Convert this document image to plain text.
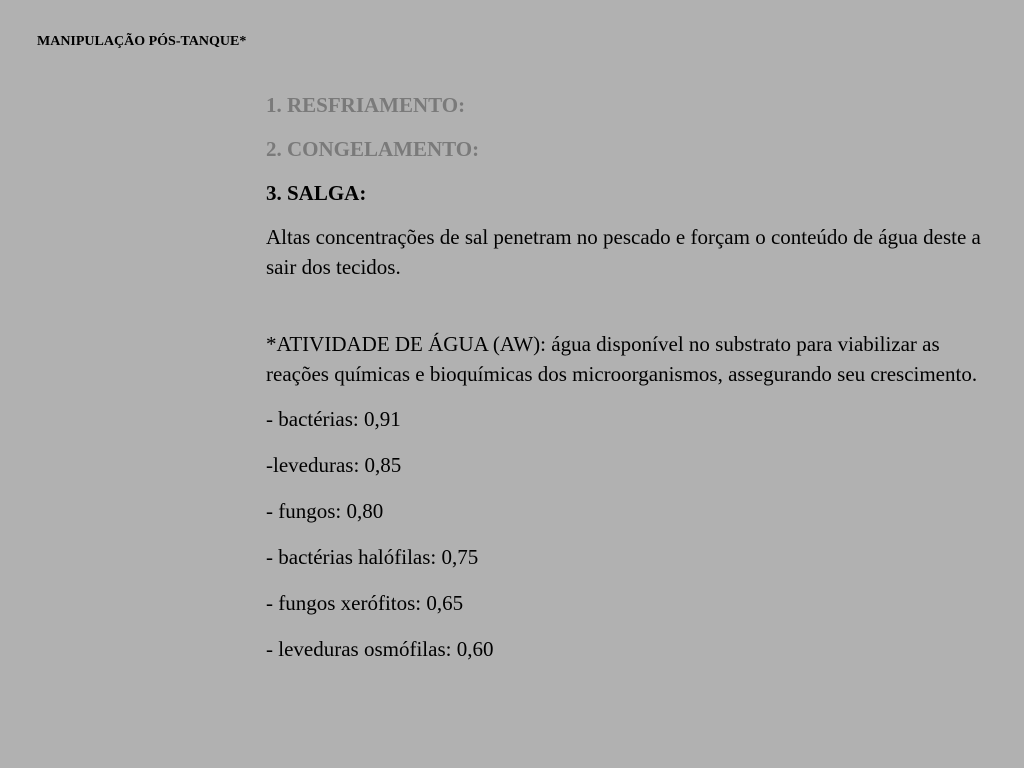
MANIPULAÇÃO PÓS-TANQUE*

1. RESFRIAMENTO:

2. CONGELAMENTO:

3. SALGA:

Altas concentrações de sal penetram no pescado e forçam o conteúdo de água deste a sair dos tecidos.

*ATIVIDADE DE ÁGUA (AW): água disponível no substrato para viabilizar as reações químicas e bioquímicas dos microorganismos, assegurando seu crescimento.

- bactérias: 0,91
-leveduras: 0,85
- fungos: 0,80
- bactérias halófilas: 0,75
- fungos xerófitos: 0,65
- leveduras osmófilas: 0,60
